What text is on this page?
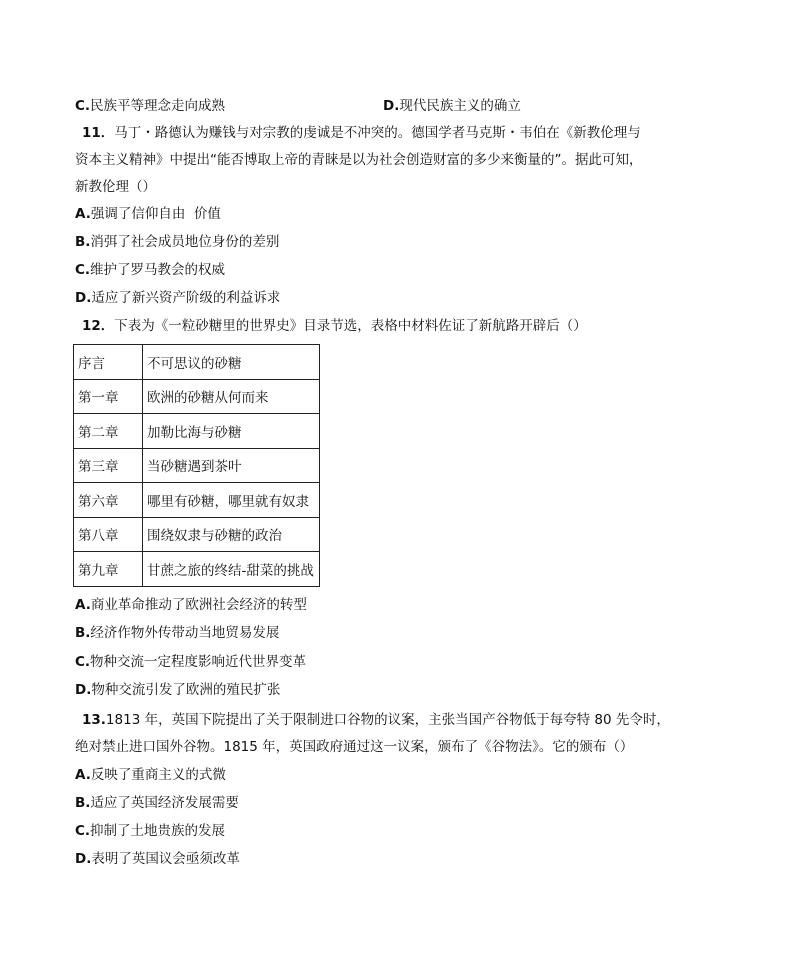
C.民族平等理念走向成熟	D.现代民族主义的确立
11．马丁・路德认为赚钱与对宗教的虔诚是不冲突的。德国学者马克斯・韦伯在《新教伦理与
资本主义精神》中提出“能否博取上帝的青睐是以为社会创造财富的多少来衡量的”。据此可知，
新教伦理（）
A.强调了信仰自由  价值
B.消弭了社会成员地位身份的差别
C.维护了罗马教会的权威
D.适应了新兴资产阶级的利益诉求
12．下表为《一粒砂糖里的世界史》目录节选，表格中材料佐证了新航路开辟后（）
序言	不可思议的砂糖
第一章	欧洲的砂糖从何而来
第二章	加勒比海与砂糖
第三章	当砂糖遇到茶叶
第六章	哪里有砂糖，哪里就有奴隶
第八章	围绕奴隶与砂糖的政治
第九章	甘蔗之旅的终结-甜菜的挑战
A.商业革命推动了欧洲社会经济的转型
B.经济作物外传带动当地贸易发展
C.物种交流一定程度影响近代世界变革
D.物种交流引发了欧洲的殖民扩张
13.1813 年，英国下院提出了关于限制进口谷物的议案，主张当国产谷物低于每夸特 80 先令时，
绝对禁止进口国外谷物。1815 年，英国政府通过这一议案，颁布了《谷物法》。它的颁布（）
A.反映了重商主义的式微
B.适应了英国经济发展需要
C.抑制了土地贵族的发展
D.表明了英国议会亟须改革
